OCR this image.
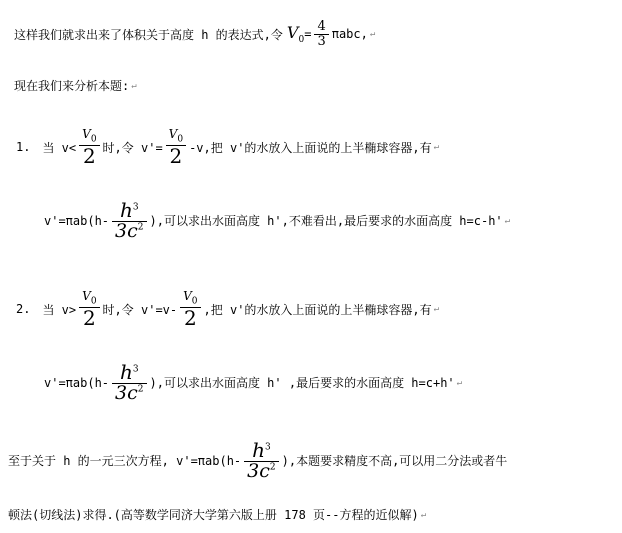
这样我们就求出来了体积关于高度 h 的表达式,令 $V_0 = \frac{4}{3} \pi abc$, ↵
现在我们来分析本题: ↵
1. 当 $v< \frac{V_0}{2}$ 时,令 $v'= \frac{V_0}{2} -v$,把 v'的水放入上面说的上半椭球容器,有 ↵
$v'=\pi ab(h- \frac{h^3}{3c^2}$ ),可以求出水面高度 h',不难看出,最后要求的水面高度 h=c-h' ↵
2. 当 $v> \frac{V_0}{2}$ 时,令 $v'=v- \frac{V_0}{2}$ ,把 v'的水放入上面说的上半椭球容器,有 ↵
$v'=\pi ab(h- \frac{h^3}{3c^2}$ ),可以求出水面高度 h' ,最后要求的水面高度 h=c+h' ↵
至于关于 h 的一元三次方程, $v'=\pi ab(h- \frac{h^3}{3c^2}$ ),本题要求精度不高,可以用二分法或者牛
顿法(切线法)求得.(高等数学同济大学第六版上册 178 页--方程的近似解) ↵
